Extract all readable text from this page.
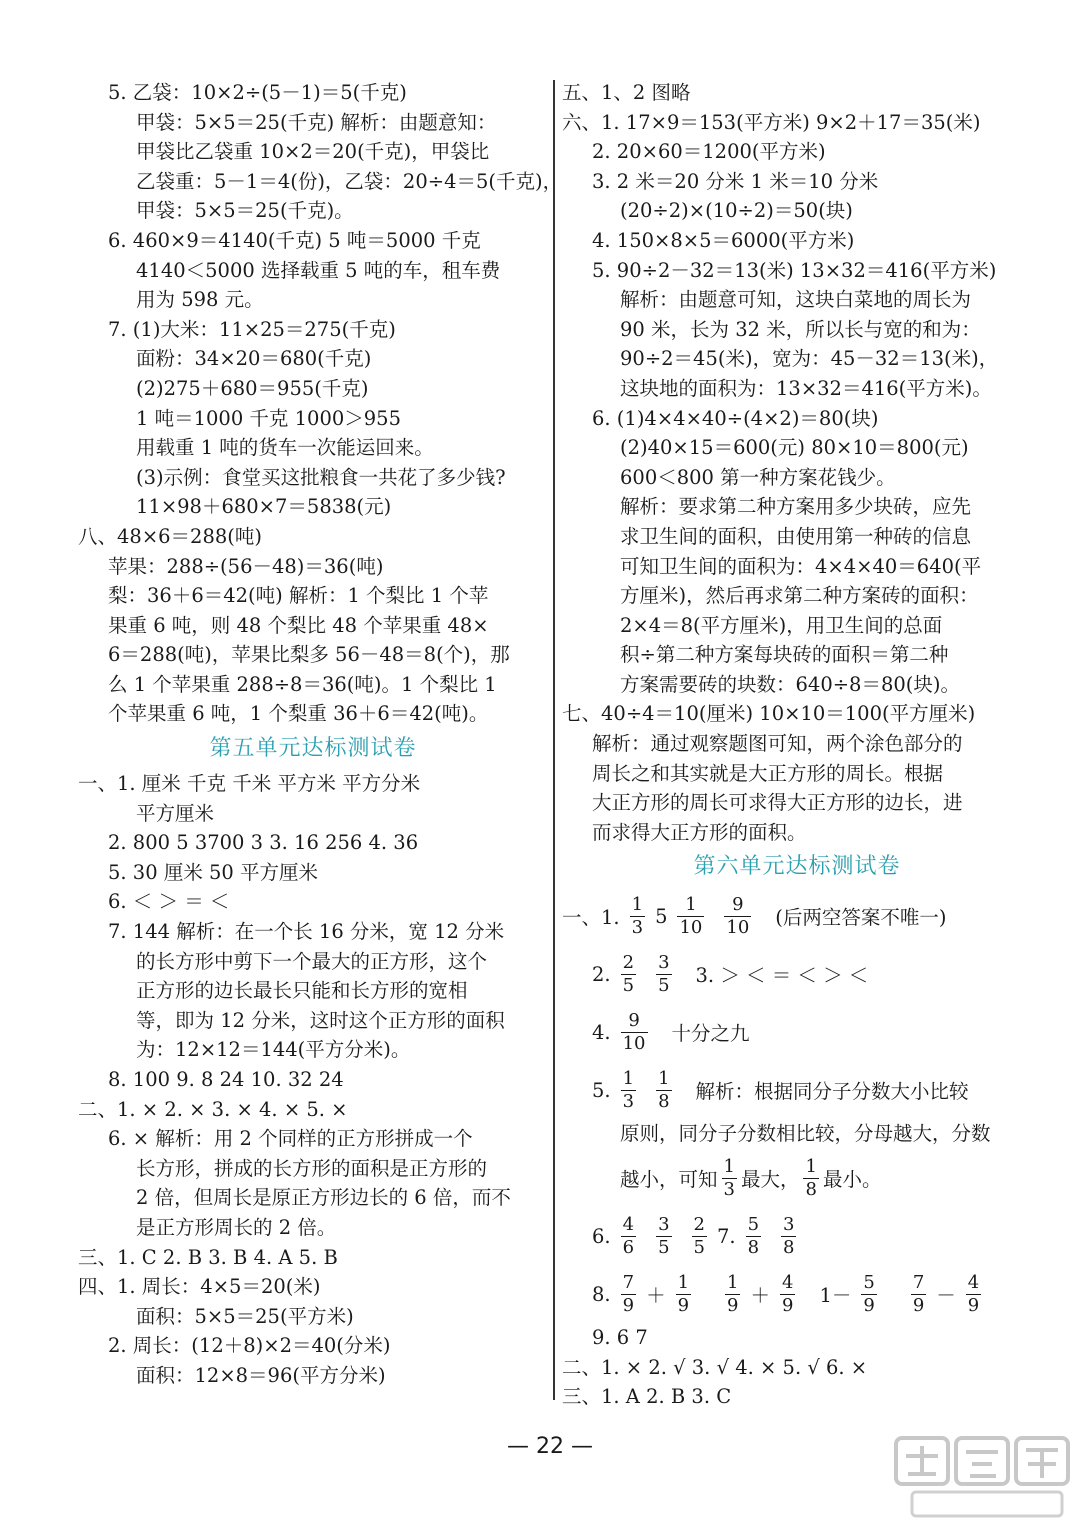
5. 乙袋：10×2÷(5－1)＝5(千克)
甲袋：5×5＝25(千克) 解析：由题意知：
甲袋比乙袋重 10×2＝20(千克)，甲袋比
乙袋重：5－1＝4(份)，乙袋：20÷4＝5(千克)，
甲袋：5×5＝25(千克)。
6. 460×9＝4140(千克) 5 吨＝5000 千克
4140＜5000 选择载重 5 吨的车，租车费
用为 598 元。
7. (1)大米：11×25＝275(千克)
面粉：34×20＝680(千克)
(2)275＋680＝955(千克)
1 吨＝1000 千克 1000＞955
用载重 1 吨的货车一次能运回来。
(3)示例：食堂买这批粮食一共花了多少钱?
11×98＋680×7＝5838(元)
八、48×6＝288(吨)
苹果：288÷(56－48)＝36(吨)
梨：36＋6＝42(吨) 解析：1 个梨比 1 个苹
果重 6 吨，则 48 个梨比 48 个苹果重 48×
6＝288(吨)，苹果比梨多 56－48＝8(个)，那
么 1 个苹果重 288÷8＝36(吨)。1 个梨比 1
个苹果重 6 吨，1 个梨重 36＋6＝42(吨)。
第五单元达标测试卷
一、1. 厘米 千克 千米 平方米 平方分米
平方厘米
2. 800 5 3700 3 3. 16 256 4. 36
5. 30 厘米 50 平方厘米
6. ＜ ＞ ＝ ＜
7. 144 解析：在一个长 16 分米，宽 12 分米
的长方形中剪下一个最大的正方形，这个
正方形的边长最长只能和长方形的宽相
等，即为 12 分米，这时这个正方形的面积
为：12×12＝144(平方分米)。
8. 100 9. 8 24 10. 32 24
二、1. × 2. × 3. × 4. × 5. ×
6. × 解析：用 2 个同样的正方形拼成一个
长方形，拼成的长方形的面积是正方形的
2 倍，但周长是原正方形边长的 6 倍，而不
是正方形周长的 2 倍。
三、1. C 2. B 3. B 4. A 5. B
四、1. 周长：4×5＝20(米)
面积：5×5＝25(平方米)
2. 周长：(12＋8)×2＝40(分米)
面积：12×8＝96(平方分米)
五、1、2 图略
六、1. 17×9＝153(平方米) 9×2＋17＝35(米)
2. 20×60＝1200(平方米)
3. 2 米＝20 分米 1 米＝10 分米
(20÷2)×(10÷2)＝50(块)
4. 150×8×5＝6000(平方米)
5. 90÷2－32＝13(米) 13×32＝416(平方米)
解析：由题意可知，这块白菜地的周长为
90 米，长为 32 米，所以长与宽的和为：
90÷2＝45(米)，宽为：45－32＝13(米)，
这块地的面积为：13×32＝416(平方米)。
6. (1)4×4×40÷(4×2)＝80(块)
(2)40×15＝600(元) 80×10＝800(元)
600＜800 第一种方案花钱少。
解析：要求第二种方案用多少块砖，应先
求卫生间的面积，由使用第一种砖的信息
可知卫生间的面积为：4×4×40＝640(平
方厘米)，然后再求第二种方案砖的面积：
2×4＝8(平方厘米)，用卫生间的总面
积÷第二种方案每块砖的面积＝第二种
方案需要砖的块数：640÷8＝80(块)。
七、40÷4＝10(厘米) 10×10＝100(平方厘米)
解析：通过观察题图可知，两个涂色部分的
周长之和其实就是大正方形的周长。根据
大正方形的周长可求得大正方形的边长，进
而求得大正方形的面积。
第六单元达标测试卷
一、1. $\frac{1}{3} 5 \frac{1}{10} \frac{9}{10}$ (后两空答案不唯一)
2. $\frac{2}{5} \frac{3}{5} 3$. ＞ ＜ ＝ ＜ ＞ ＜
4. $\frac{9}{10}$ 十分之九
5. $\frac{1}{3} \frac{1}{8}$ 解析：根据同分子分数大小比较
原则，同分子分数相比较，分母越大，分数
越小，可知 $\frac{1}{3}$ 最大， $\frac{1}{8}$ 最小。
6. $\frac{4}{6} \frac{3}{5} \frac{2}{5} 7$. $\frac{5}{8} \frac{3}{8}$
8. $\frac{7}{9} + \frac{1}{9} \frac{1}{9} + \frac{4}{9} 1- \frac{5}{9} \frac{7}{9} - \frac{4}{9}$
9. 6 7
二、1. × 2. √ 3. √ 4. × 5. √ 6. ×
三、1. A 2. B 3. C
— 22 —
